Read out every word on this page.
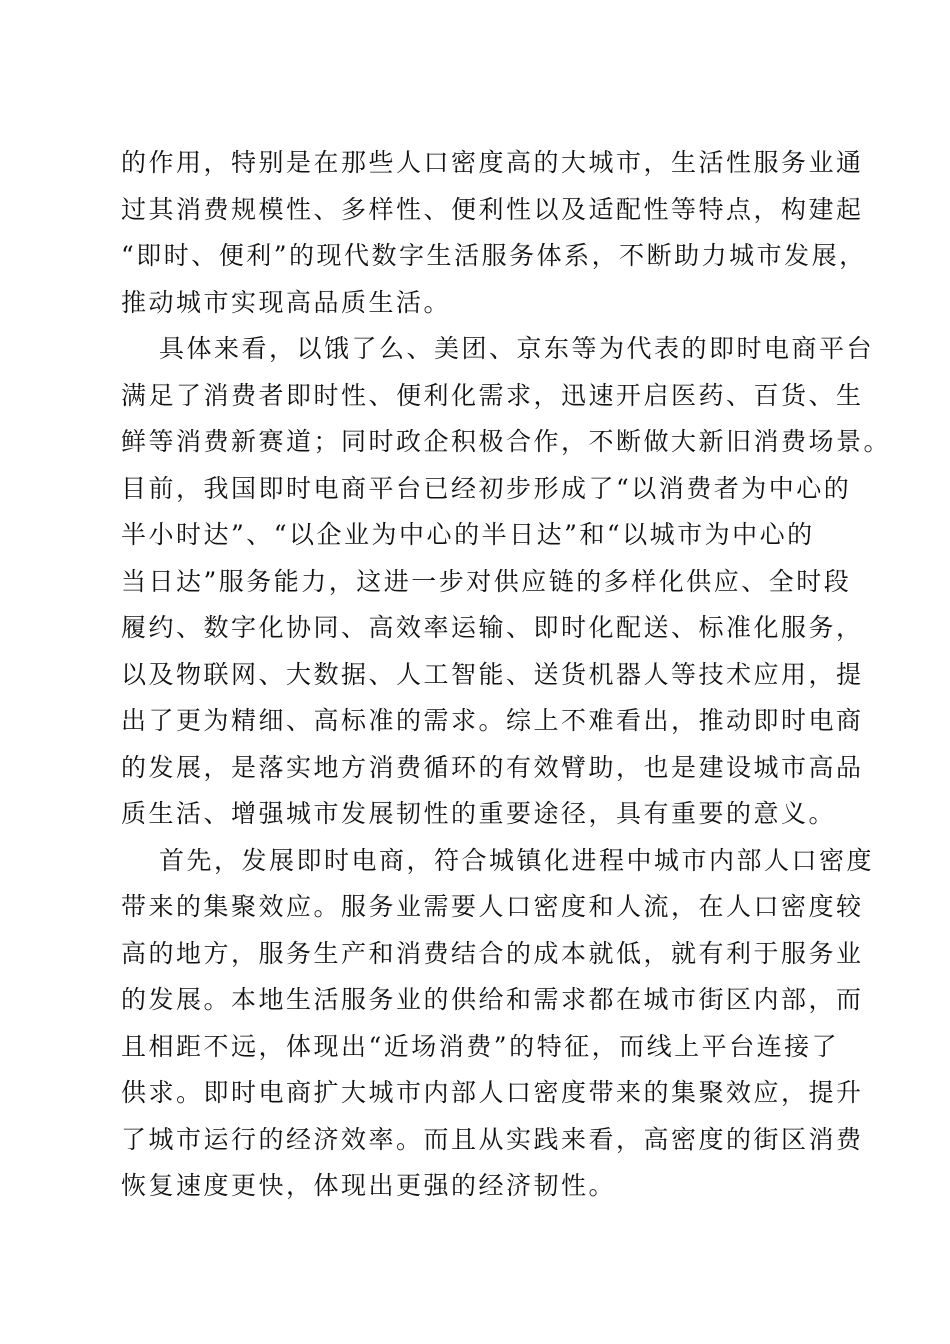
的作用，特别是在那些人口密度高的大城市，生活性服务业通
过其消费规模性、多样性、便利性以及适配性等特点，构建起
“即时、便利”的现代数字生活服务体系，不断助力城市发展，
推动城市实现高品质生活。
具体来看，以饿了么、美团、京东等为代表的即时电商平台
满足了消费者即时性、便利化需求，迅速开启医药、百货、生
鲜等消费新赛道；同时政企积极合作，不断做大新旧消费场景。
目前，我国即时电商平台已经初步形成了“以消费者为中心的
半小时达”、“以企业为中心的半日达”和“以城市为中心的
当日达”服务能力，这进一步对供应链的多样化供应、全时段
履约、数字化协同、高效率运输、即时化配送、标准化服务，
以及物联网、大数据、人工智能、送货机器人等技术应用，提
出了更为精细、高标准的需求。综上不难看出，推动即时电商
的发展，是落实地方消费循环的有效臂助，也是建设城市高品
质生活、增强城市发展韧性的重要途径，具有重要的意义。
首先，发展即时电商，符合城镇化进程中城市内部人口密度
带来的集聚效应。服务业需要人口密度和人流，在人口密度较
高的地方，服务生产和消费结合的成本就低，就有利于服务业
的发展。本地生活服务业的供给和需求都在城市街区内部，而
且相距不远，体现出“近场消费”的特征，而线上平台连接了
供求。即时电商扩大城市内部人口密度带来的集聚效应，提升
了城市运行的经济效率。而且从实践来看，高密度的街区消费
恢复速度更快，体现出更强的经济韧性。
